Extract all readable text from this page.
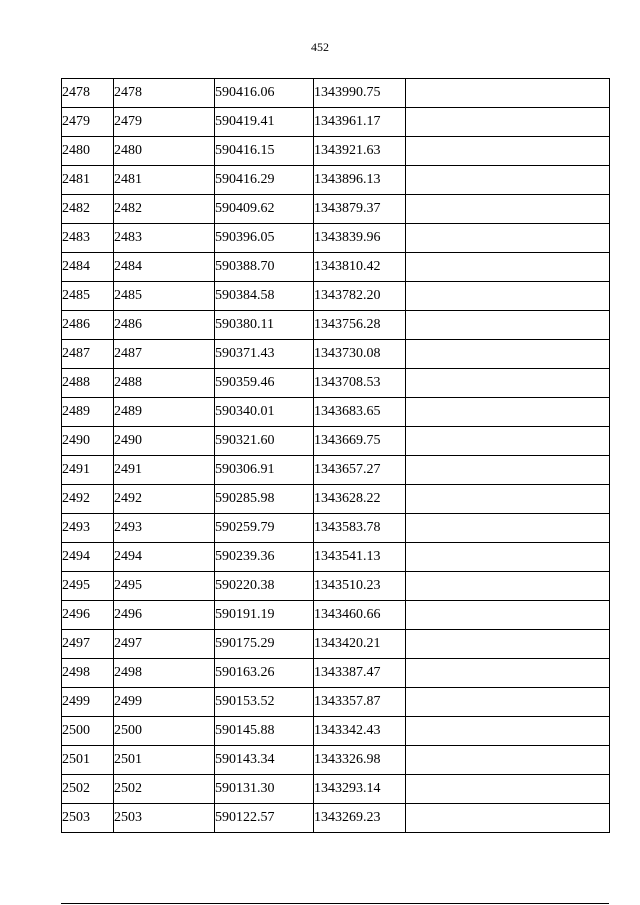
452
2478	2478	590416.06	1343990.75	
2479	2479	590419.41	1343961.17	
2480	2480	590416.15	1343921.63	
2481	2481	590416.29	1343896.13	
2482	2482	590409.62	1343879.37	
2483	2483	590396.05	1343839.96	
2484	2484	590388.70	1343810.42	
2485	2485	590384.58	1343782.20	
2486	2486	590380.11	1343756.28	
2487	2487	590371.43	1343730.08	
2488	2488	590359.46	1343708.53	
2489	2489	590340.01	1343683.65	
2490	2490	590321.60	1343669.75	
2491	2491	590306.91	1343657.27	
2492	2492	590285.98	1343628.22	
2493	2493	590259.79	1343583.78	
2494	2494	590239.36	1343541.13	
2495	2495	590220.38	1343510.23	
2496	2496	590191.19	1343460.66	
2497	2497	590175.29	1343420.21	
2498	2498	590163.26	1343387.47	
2499	2499	590153.52	1343357.87	
2500	2500	590145.88	1343342.43	
2501	2501	590143.34	1343326.98	
2502	2502	590131.30	1343293.14	
2503	2503	590122.57	1343269.23	
